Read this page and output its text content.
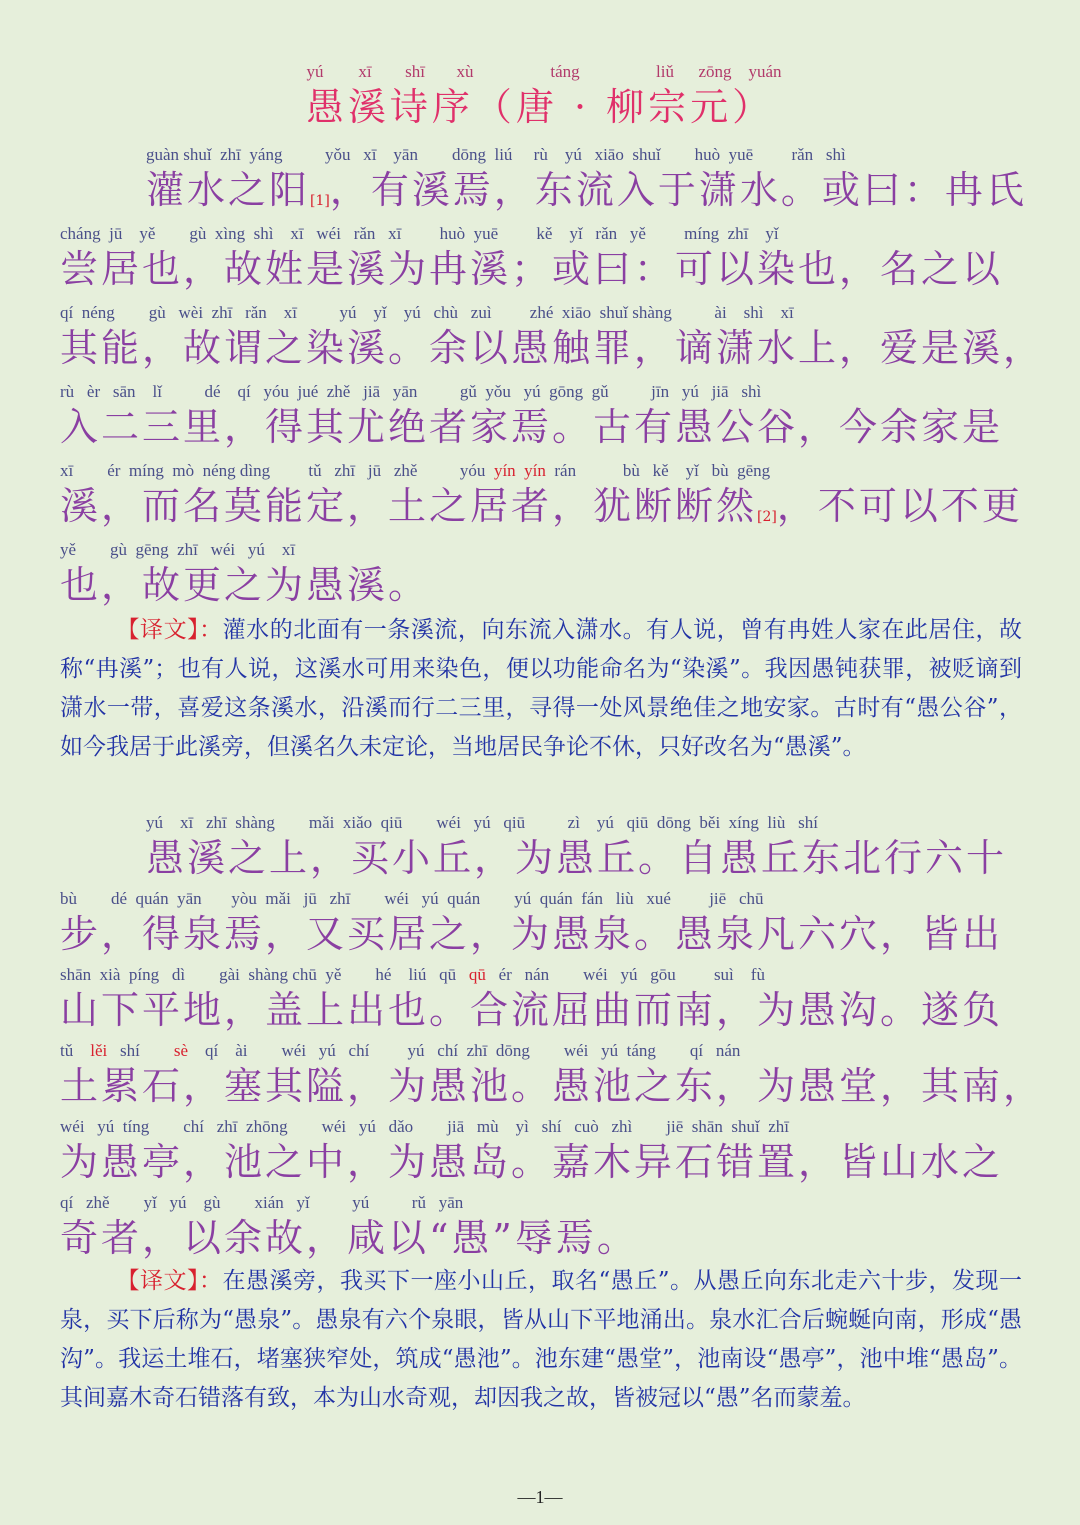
yú	xī	shī	xù	táng	liǔ	zōng yuán
愚溪诗序（唐 · 柳宗元）
guàn shuǐ  zhī  yáng          yǒu   xī    yān        dōng  liú     rù    yú   xiāo  shuǐ        huò  yuē         rǎn   shì
灌水之阳[1]，有溪焉，东流入于潇水。或曰：冉氏
cháng  jū    yě        gù  xìng  shì    xī   wéi   rǎn   xī         huò  yuē         kě    yǐ   rǎn   yě         míng  zhī    yǐ
尝居也，故姓是溪为冉溪；或曰：可以染也，名之以
qí  néng        gù   wèi  zhī   rǎn    xī          yú    yǐ    yú   chù   zuì         zhé  xiāo  shuǐ shàng          ài    shì    xī
其能，故谓之染溪。余以愚触罪，谪潇水上，爱是溪，
rù   èr   sān    lǐ          dé    qí   yóu  jué  zhě   jiā   yān          gǔ  yǒu   yú  gōng  gǔ          jīn   yú   jiā   shì
入二三里，得其尤绝者家焉。古有愚公谷，今余家是
xī        ér  míng  mò  néng dìng         tǔ   zhī   jū   zhě          yóu  yín  yín  rán           bù   kě    yǐ   bù  gēng
溪，而名莫能定，土之居者，犹断断然[2]，不可以不更
yě        gù  gēng  zhī   wéi   yú    xī
也，故更之为愚溪。
【译文】：灌水的北面有一条溪流，向东流入潇水。有人说，曾有冉姓人家在此居住，故称“冉溪”；也有人说，这溪水可用来染色，便以功能命名为“染溪”。我因愚钝获罪，被贬谪到潇水一带，喜爱这条溪水，沿溪而行二三里，寻得一处风景绝佳之地安家。古时有“愚公谷”，如今我居于此溪旁，但溪名久未定论，当地居民争论不休，只好改名为“愚溪”。
yú    xī   zhī  shàng        mǎi  xiǎo  qiū        wéi   yú   qiū          zì    yú   qiū  dōng  běi  xíng  liù   shí
愚溪之上，买小丘，为愚丘。自愚丘东北行六十
bù        dé  quán  yān       yòu  mǎi   jū   zhī        wéi   yú  quán        yú  quán  fán   liù   xué         jiē   chū
步，得泉焉，又买居之，为愚泉。愚泉凡六穴，皆出
shān  xià  píng   dì        gài  shàng chū  yě        hé    liú   qū   qū   ér   nán        wéi   yú   gōu         suì    fù
山下平地，盖上出也。合流屈曲而南，为愚沟。遂负
tǔ    lěi   shí        sè    qí    ài        wéi   yú   chí         yú   chí  zhī  dōng        wéi   yú  táng        qí   nán
土累石，塞其隘，为愚池。愚池之东，为愚堂，其南，
wéi   yú  tíng        chí   zhī  zhōng        wéi   yú   dǎo        jiā   mù    yì   shí   cuò   zhì        jiē  shān  shuǐ  zhī
为愚亭，池之中，为愚岛。嘉木异石错置，皆山水之
qí   zhě        yǐ   yú    gù        xián   yǐ          yú          rǔ   yān
奇者，以余故，咸以“愚”辱焉。
【译文】：在愚溪旁，我买下一座小山丘，取名“愚丘”。从愚丘向东北走六十步，发现一泉，买下后称为“愚泉”。愚泉有六个泉眼，皆从山下平地涌出。泉水汇合后蜿蜒向南，形成“愚沟”。我运土堆石，堵塞狭窄处，筑成“愚池”。池东建“愚堂”，池南设“愚亭”，池中堆“愚岛”。其间嘉木奇石错落有致，本为山水奇观，却因我之故，皆被冠以“愚”名而蒙羞。
—1—
